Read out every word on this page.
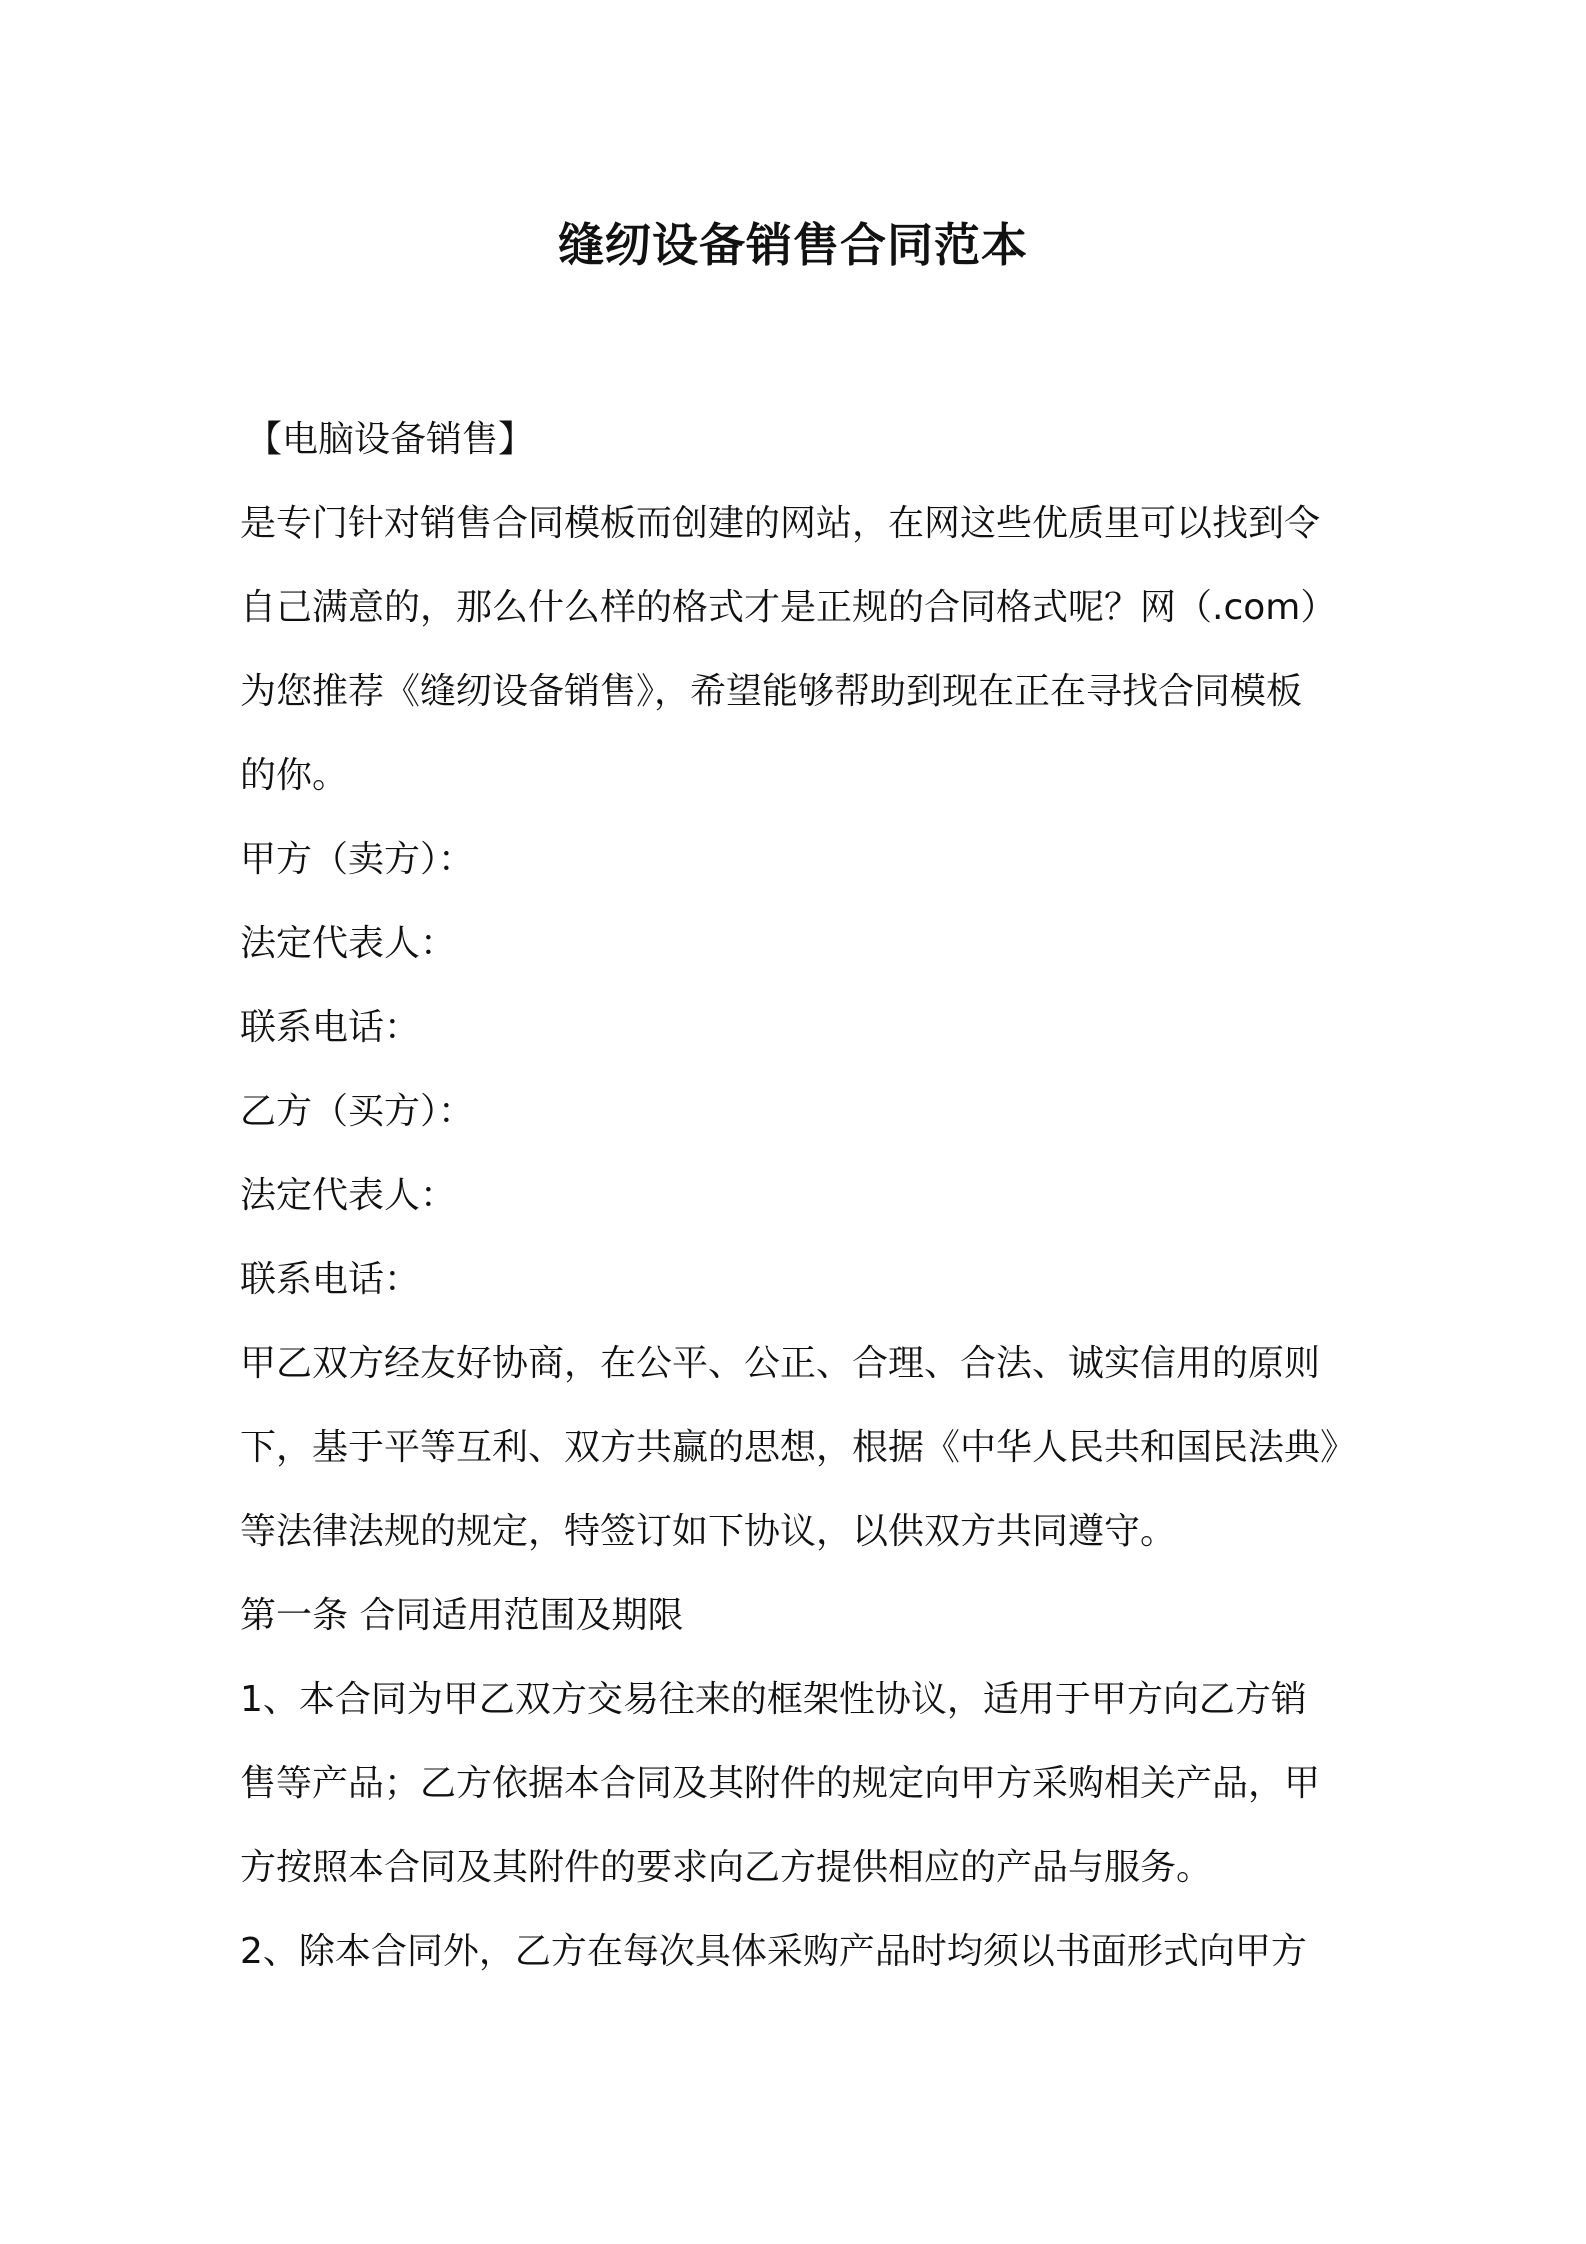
缝纫设备销售合同范本

【电脑设备销售】

是专门针对销售合同模板而创建的网站，在网这些优质里可以找到令

自己满意的，那么什么样的格式才是正规的合同格式呢？网（.com）

为您推荐《缝纫设备销售》，希望能够帮助到现在正在寻找合同模板

的你。

甲方（卖方）：

法定代表人：

联系电话：

乙方（买方）：

法定代表人：

联系电话：

甲乙双方经友好协商，在公平、公正、合理、合法、诚实信用的原则

下，基于平等互利、双方共赢的思想，根据《中华人民共和国民法典》

等法律法规的规定，特签订如下协议，以供双方共同遵守。

第一条 合同适用范围及期限

1、本合同为甲乙双方交易往来的框架性协议，适用于甲方向乙方销

售等产品；乙方依据本合同及其附件的规定向甲方采购相关产品，甲

方按照本合同及其附件的要求向乙方提供相应的产品与服务。

2、除本合同外，乙方在每次具体采购产品时均须以书面形式向甲方
